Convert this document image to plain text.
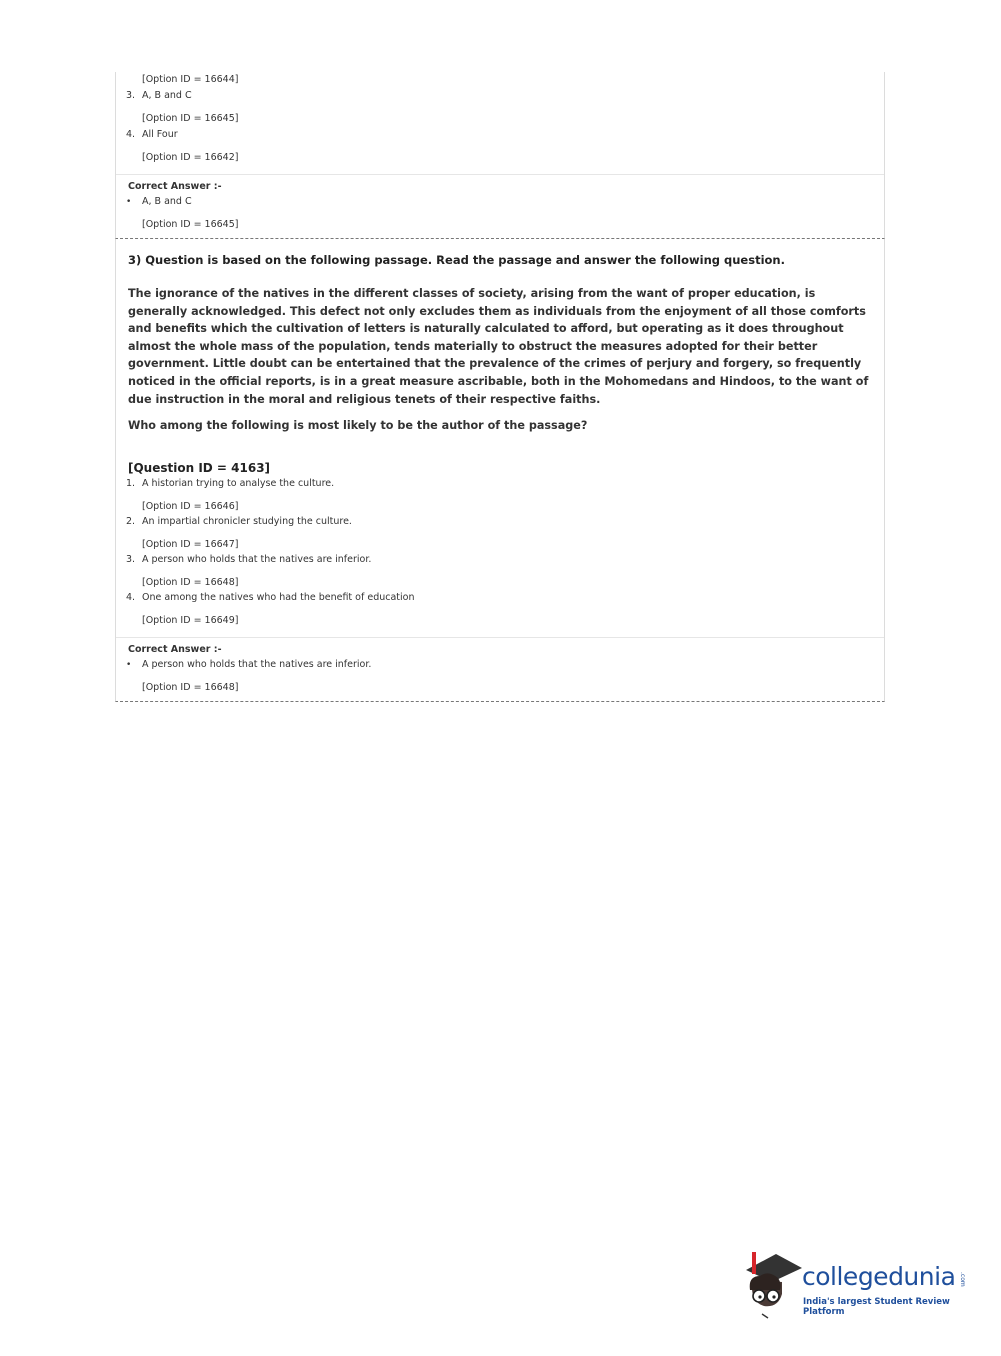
[Option ID = 16644]
3. A, B and C
[Option ID = 16645]
4. All Four
[Option ID = 16642]
Correct Answer :-
• A, B and C
[Option ID = 16645]
3) Question is based on the following passage. Read the passage and answer the following question.
The ignorance of the natives in the different classes of society, arising from the want of proper education, is generally acknowledged. This defect not only excludes them as individuals from the enjoyment of all those comforts and benefits which the cultivation of letters is naturally calculated to afford, but operating as it does throughout almost the whole mass of the population, tends materially to obstruct the measures adopted for their better government. Little doubt can be entertained that the prevalence of the crimes of perjury and forgery, so frequently noticed in the official reports, is in a great measure ascribable, both in the Mohomedans and Hindoos, to the want of due instruction in the moral and religious tenets of their respective faiths.
Who among the following is most likely to be the author of the passage?
[Question ID = 4163]
1. A historian trying to analyse the culture.
[Option ID = 16646]
2. An impartial chronicler studying the culture.
[Option ID = 16647]
3. A person who holds that the natives are inferior.
[Option ID = 16648]
4. One among the natives who had the benefit of education
[Option ID = 16649]
Correct Answer :-
• A person who holds that the natives are inferior.
[Option ID = 16648]
collegedunia .com
India's largest Student Review Platform
